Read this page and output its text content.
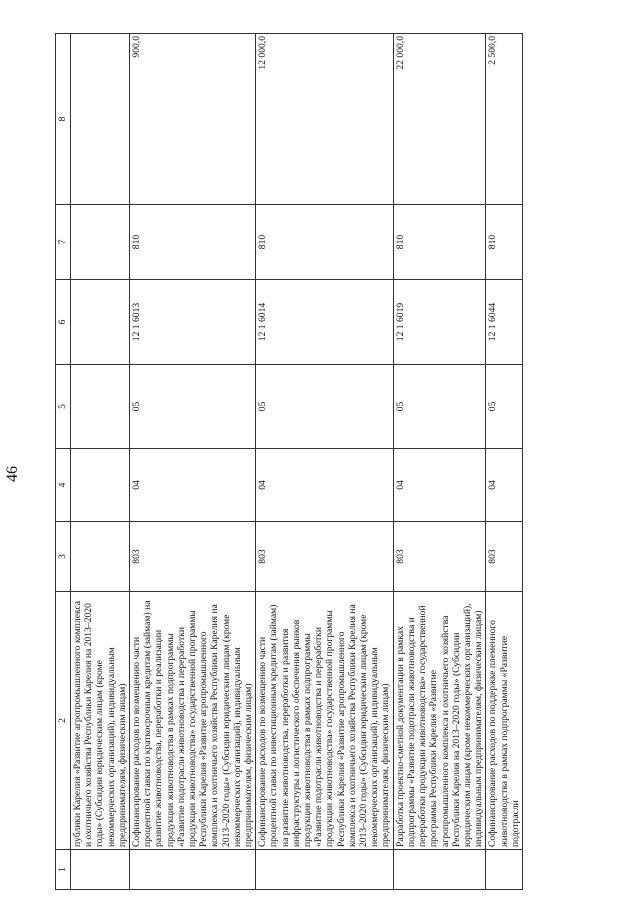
46
1	2	3	4	5	6	7	8
	публики Карелия «Развитие агропромышленного комплекса и охотничьего хозяйства Республики Карелия на 2013–2020 годы» (Субсидии юридическим лицам (кроме некоммерческих организаций), индивидуальным предпринимателям, физическим лицам)						
	Софинансирование расходов по возмещению части процентной ставки по краткосрочным кредитам (займам) на развитие животноводства, переработки и реализации продукции животноводства в рамках подпрограммы «Развитие подотрасли животноводства и переработки продукции животноводства» государственной программы Республики Карелия «Развитие агропромышленного комплекса и охотничьего хозяйства Республики Карелия на 2013–2020 годы» (Субсидии юридическим лицам (кроме некоммерческих организаций), индивидуальным предпринимателям, физическим лицам)	803	04	05	12 1 6013	810	900,0
	Софинансирование расходов по возмещению части процентной ставки по инвестиционным кредитам (займам) на развитие животноводства, переработки и развития инфраструктуры и логистического обеспечения рынков продукции животноводства в рамках подпрограммы «Развитие подотрасли животноводства и переработки продукции животноводства» государственной программы Республики Карелия «Развитие агропромышленного комплекса и охотничьего хозяйства Республики Карелия на 2013–2020 годы» (Субсидии юридическим лицам (кроме некоммерческих организаций), индивидуальным предпринимателям, физическим лицам)	803	04	05	12 1 6014	810	12 000,0
	Разработка проектно-сметной документации в рамках подпрограммы «Развитие подотрасли животноводства и переработки продукции животноводства» государственной программы Республики Карелия «Развитие агропромышленного комплекса и охотничьего хозяйства Республики Карелия на 2013–2020 годы» (Субсидии юридическим лицам (кроме некоммерческих организаций), индивидуальным предпринимателям, физическим лицам)	803	04	05	12 1 6019	810	22 000,0
	Софинансирование расходов по поддержке племенного животноводства в рамках подпрограммы «Развитие подотрасли	803	04	05	12 1 6044	810	2 500,0
